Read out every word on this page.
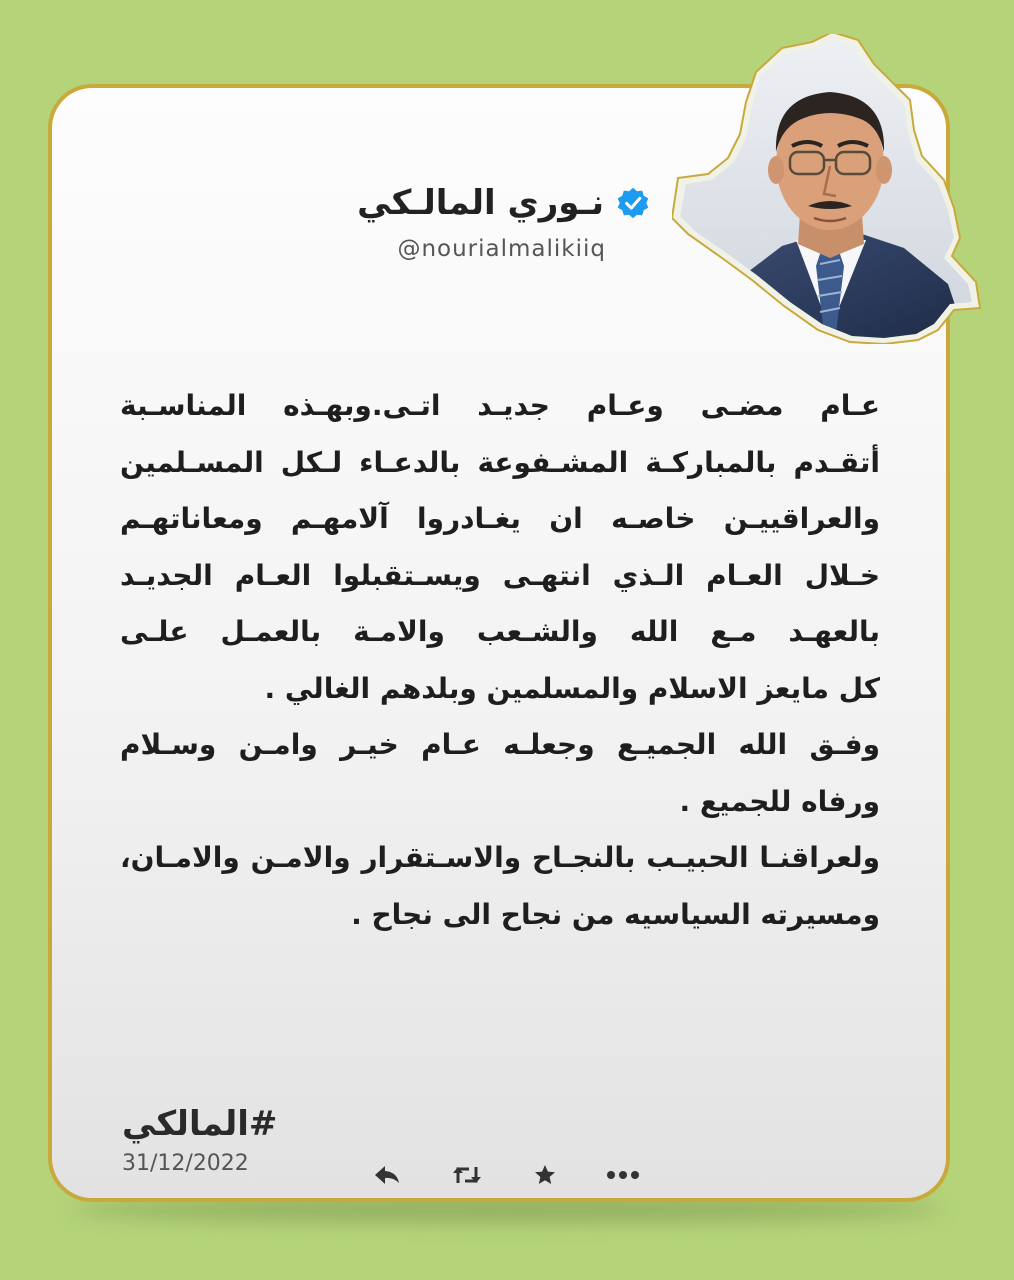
نـوري المالـكي
@nourialmalikiiq
عـام مضـى وعـام جديـد اتـى.وبهـذه المناسـبة
أتقـدم بالمباركـة المشـفوعة بالدعـاء لـكل المسـلمين
والعراقييـن خاصـه ان يغـادروا آلامهـم ومعاناتهـم
خـلال العـام الـذي انتهـى ويسـتقبلوا العـام الجديـد
بالعهـد مـع الله والشـعب والامـة بالعمـل علـى
كل مايعز الاسلام والمسلمين وبلدهم الغالي .
وفـق الله الجميـع وجعلـه عـام خيـر وامـن وسـلام
ورفاه للجميع .
ولعراقنـا الحبيـب بالنجـاح والاسـتقرار والامـن والامـان،
ومسيرته السياسيه من نجاح الى نجاح .
#المالكي
31/12/2022
